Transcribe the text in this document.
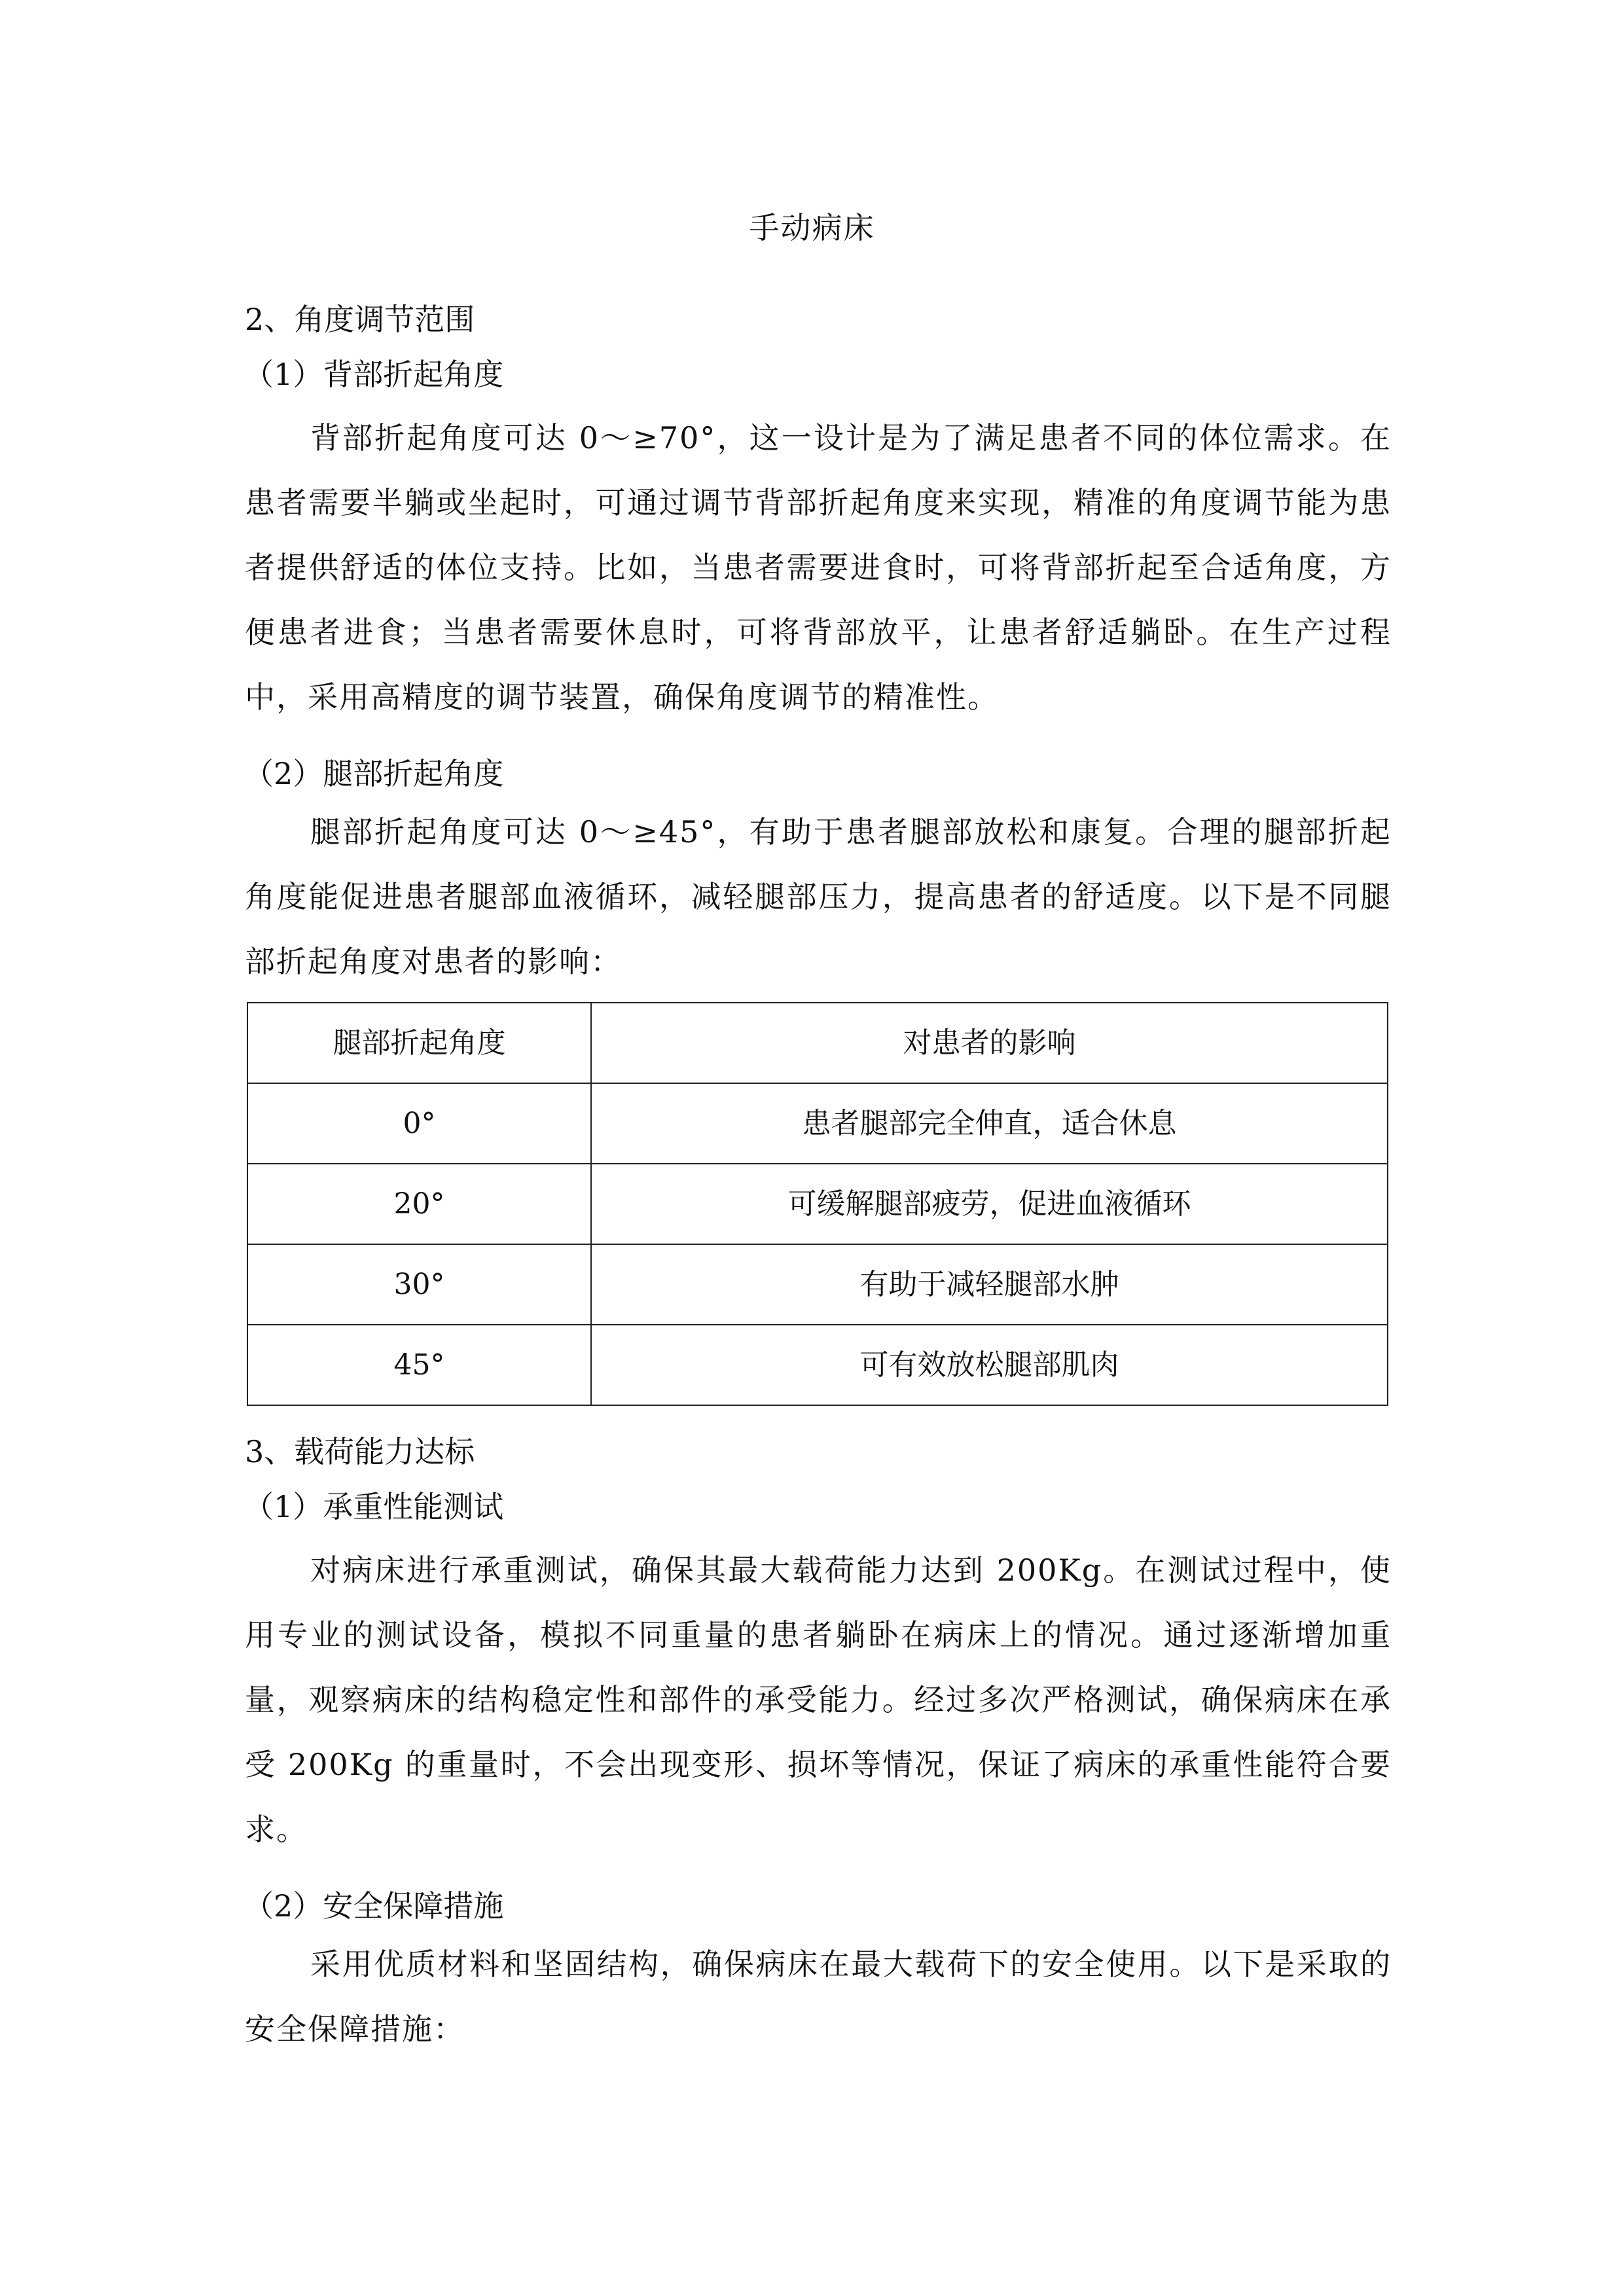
手动病床
2、角度调节范围
（1）背部折起角度

背部折起角度可达 0～≥70°，这一设计是为了满足患者不同的体位需求。在患者需要半躺或坐起时，可通过调节背部折起角度来实现，精准的角度调节能为患者提供舒适的体位支持。比如，当患者需要进食时，可将背部折起至合适角度，方便患者进食；当患者需要休息时，可将背部放平，让患者舒适躺卧。在生产过程中，采用高精度的调节装置，确保角度调节的精准性。

（2）腿部折起角度

腿部折起角度可达 0～≥45°，有助于患者腿部放松和康复。合理的腿部折起角度能促进患者腿部血液循环，减轻腿部压力，提高患者的舒适度。以下是不同腿部折起角度对患者的影响：

腿部折起角度	对患者的影响
0°	患者腿部完全伸直，适合休息
20°	可缓解腿部疲劳，促进血液循环
30°	有助于减轻腿部水肿
45°	可有效放松腿部肌肉
3、载荷能力达标
（1）承重性能测试

对病床进行承重测试，确保其最大载荷能力达到 200Kg。在测试过程中，使用专业的测试设备，模拟不同重量的患者躺卧在病床上的情况。通过逐渐增加重量，观察病床的结构稳定性和部件的承受能力。经过多次严格测试，确保病床在承受 200Kg 的重量时，不会出现变形、损坏等情况，保证了病床的承重性能符合要求。

（2）安全保障措施

采用优质材料和坚固结构，确保病床在最大载荷下的安全使用。以下是采取的安全保障措施：
